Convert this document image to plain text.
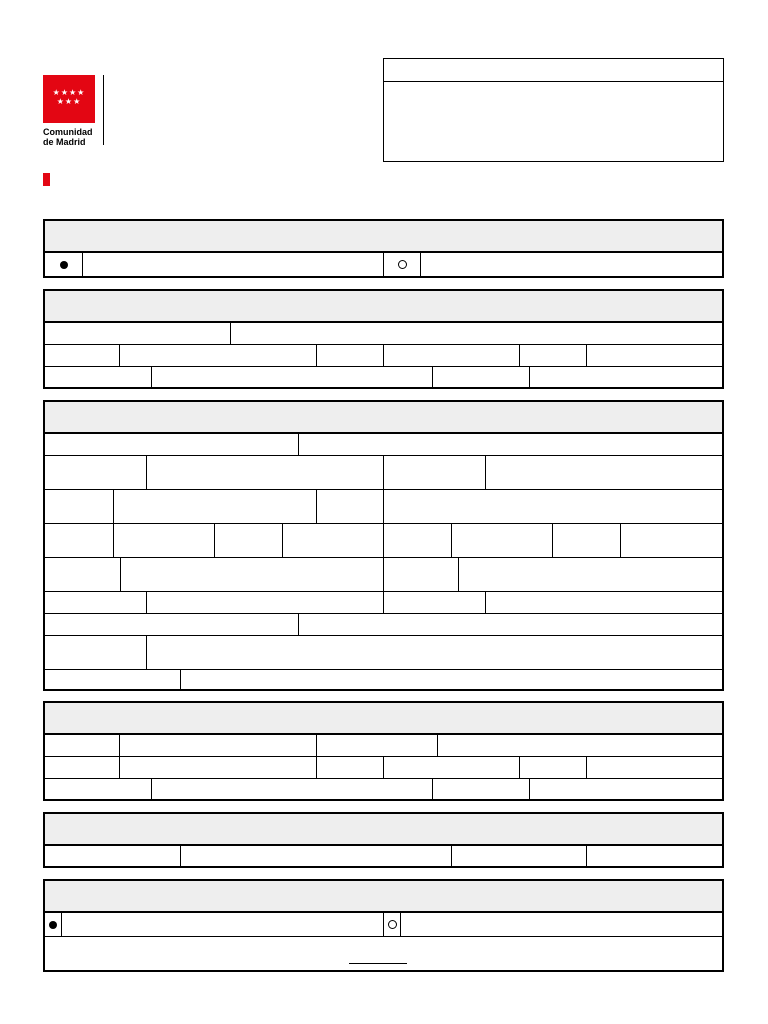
★★★★
★★★
Comunidad
de Madrid
